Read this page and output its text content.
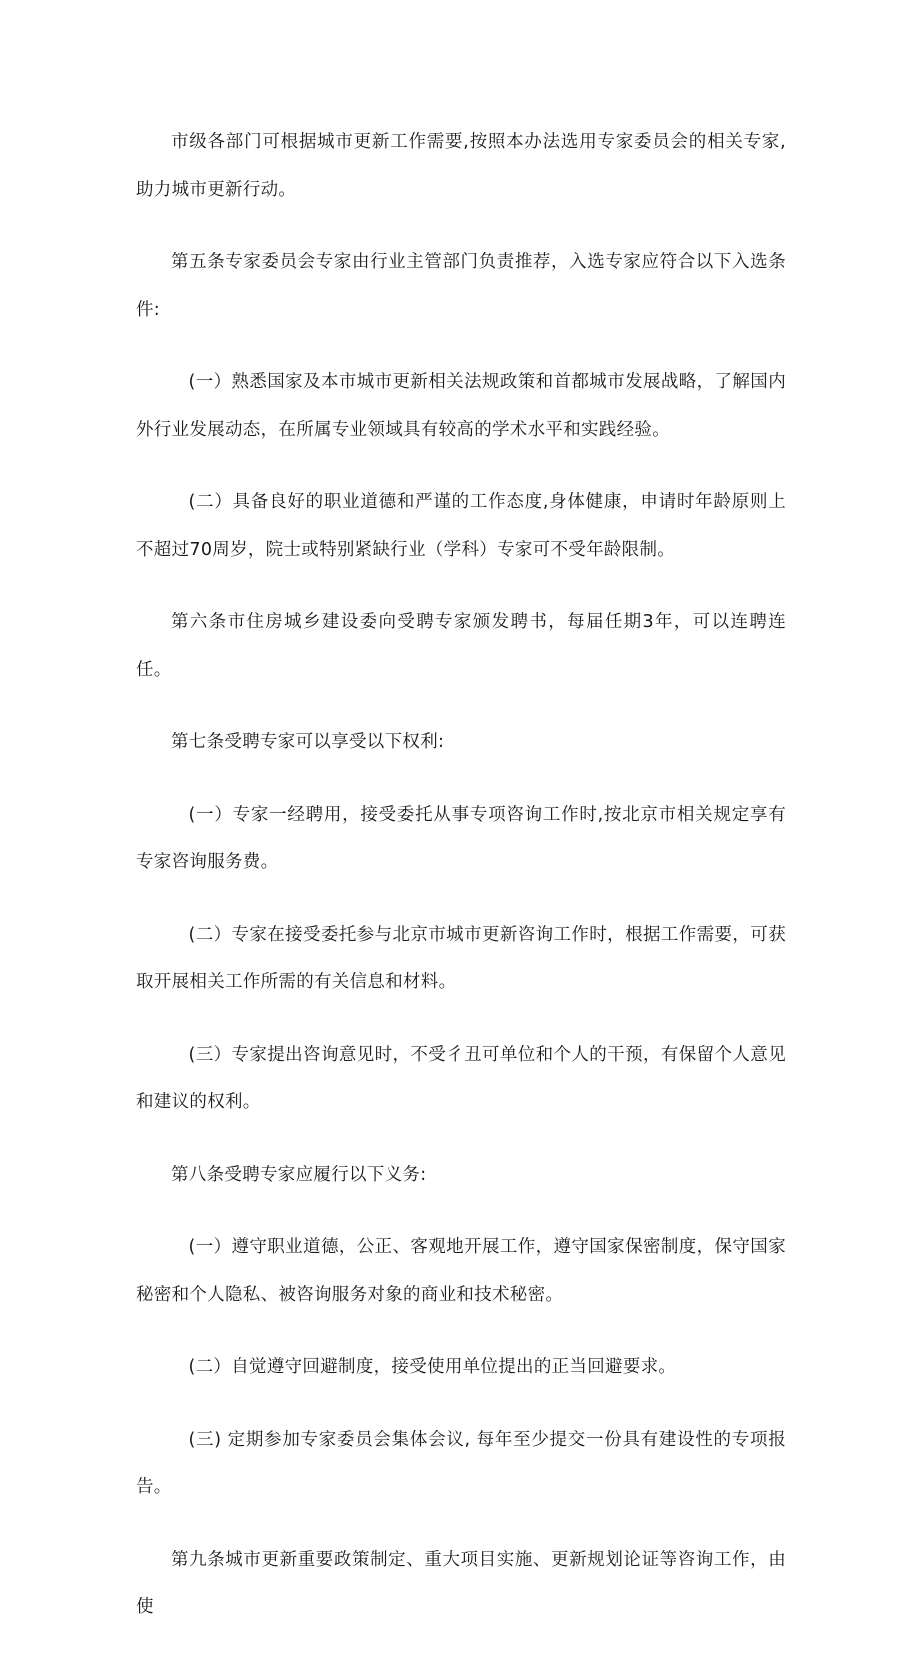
市级各部门可根据城市更新工作需要,按照本办法选用专家委员会的相关专家,助力城市更新行动。

第五条专家委员会专家由行业主管部门负责推荐，入选专家应符合以下入选条件:

(一）熟悉国家及本市城市更新相关法规政策和首都城市发展战略，了解国内外行业发展动态，在所属专业领域具有较高的学术水平和实践经验。

(二）具备良好的职业道德和严谨的工作态度,身体健康，申请时年龄原则上不超过70周岁，院士或特别紧缺行业（学科）专家可不受年龄限制。

第六条市住房城乡建设委向受聘专家颁发聘书，每届任期3年，可以连聘连任。

第七条受聘专家可以享受以下权利:

(一）专家一经聘用，接受委托从事专项咨询工作时,按北京市相关规定享有专家咨询服务费。

(二）专家在接受委托参与北京市城市更新咨询工作时，根据工作需要，可获取开展相关工作所需的有关信息和材料。

(三）专家提出咨询意见时，不受彳丑可单位和个人的干预，有保留个人意见和建议的权利。

第八条受聘专家应履行以下义务:

(一）遵守职业道德，公正、客观地开展工作，遵守国家保密制度，保守国家秘密和个人隐私、被咨询服务对象的商业和技术秘密。

(二）自觉遵守回避制度，接受使用单位提出的正当回避要求。

(三) 定期参加专家委员会集体会议, 每年至少提交一份具有建设性的专项报告。

第九条城市更新重要政策制定、重大项目实施、更新规划论证等咨询工作，由使
